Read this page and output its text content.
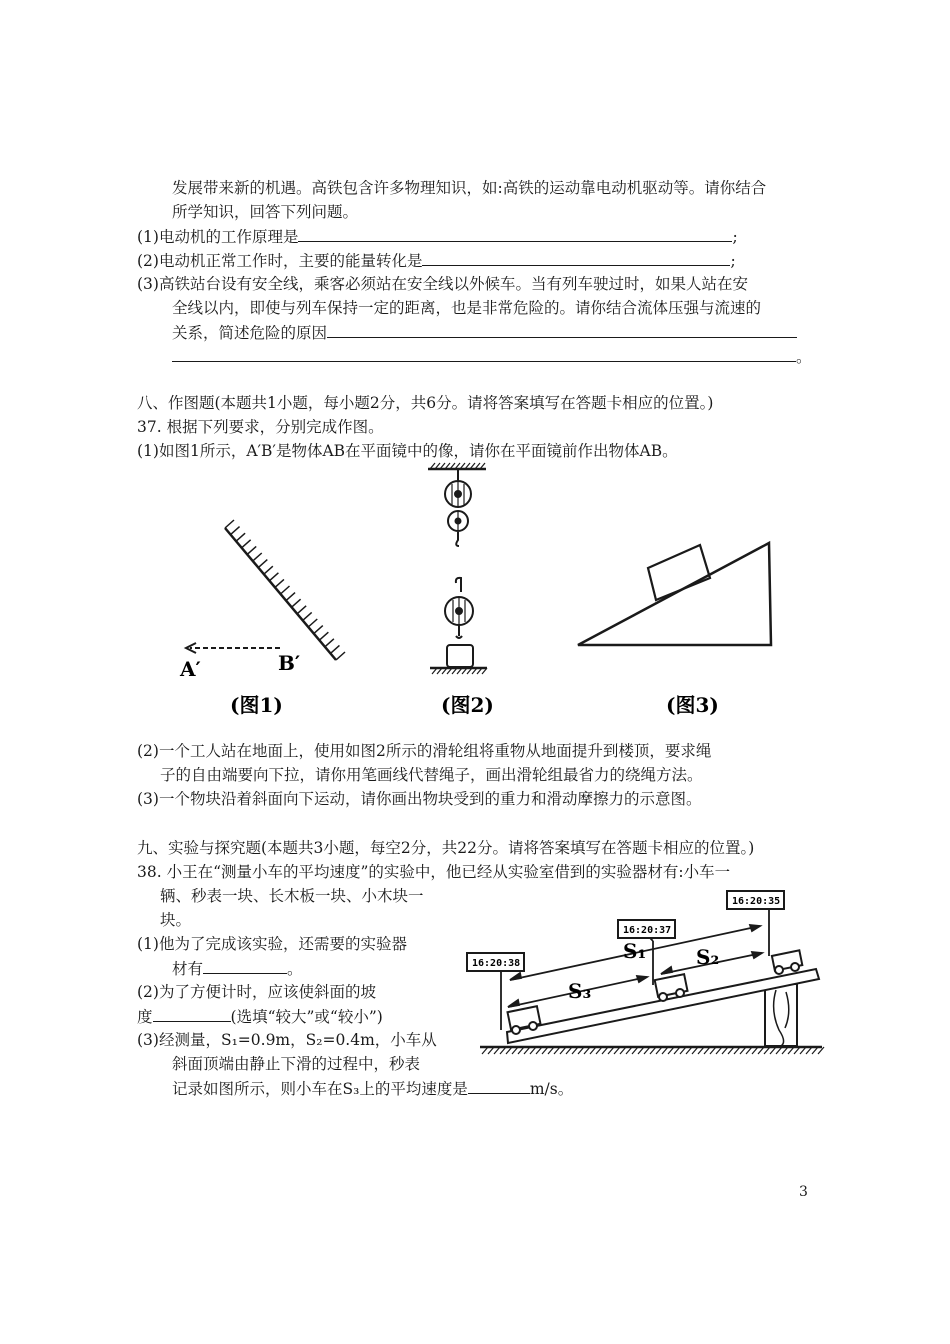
发展带来新的机遇。高铁包含许多物理知识，如:高铁的运动靠电动机驱动等。请你结合
所学知识，回答下列问题。
(1)电动机的工作原理是	;
(2)电动机正常工作时，主要的能量转化是	;
(3)高铁站台设有安全线，乘客必须站在安全线以外候车。当有列车驶过时，如果人站在安
全线以内，即使与列车保持一定的距离，也是非常危险的。请你结合流体压强与流速的
关系，简述危险的原因
。
八、作图题(本题共1小题，每小题2分，共6分。请将答案填写在答题卡相应的位置。)
37. 根据下列要求，分别完成作图。
(1)如图1所示，A′B′是物体AB在平面镜中的像，请你在平面镜前作出物体AB。
A′	B′
(图1)	(图2)	(图3)
(2)一个工人站在地面上，使用如图2所示的滑轮组将重物从地面提升到楼顶，要求绳
子的自由端要向下拉，请你用笔画线代替绳子，画出滑轮组最省力的绕绳方法。
(3)一个物块沿着斜面向下运动，请你画出物块受到的重力和滑动摩擦力的示意图。
九、实验与探究题(本题共3小题，每空2分，共22分。请将答案填写在答题卡相应的位置。)
38. 小王在“测量小车的平均速度”的实验中，他已经从实验室借到的实验器材有:小车一
辆、秒表一块、长木板一块、小木块一
块。
(1)他为了完成该实验，还需要的实验器
材有	。
(2)为了方便计时，应该使斜面的坡
度	(选填“较大”或“较小”)
(3)经测量，S₁=0.9m，S₂=0.4m，小车从
斜面顶端由静止下滑的过程中，秒表
记录如图所示，则小车在S₃上的平均速度是	m/s。
S₁ S₂
S₃
16:20:38
16:20:37
16:20:35
3
